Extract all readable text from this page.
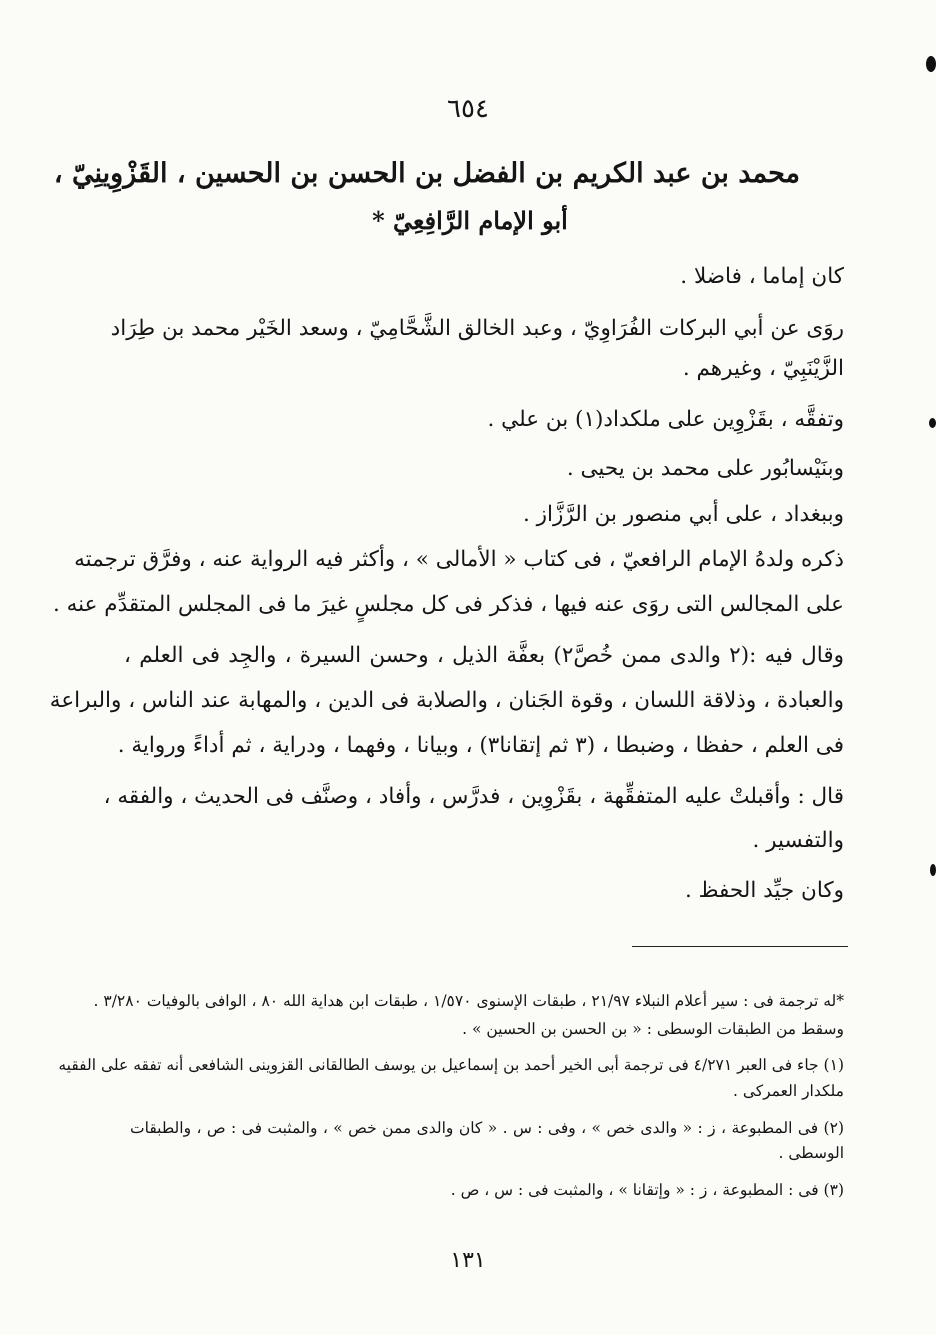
٦٥٤
محمد بن عبد الكريم بن الفضل بن الحسن بن الحسين ، القَزْوِينِيّ ،
أبو الإمام الرَّافِعِيّ *
كان إماما ، فاضلا .
روَى عن أبي البركات الفُرَاوِيّ ، وعبد الخالق الشَّحَّامِيّ ، وسعد الخَيْر محمد بن طِرَاد
الزَّيْنَبِيّ ، وغيرهم .
وتفقَّه ، بقَزْوِين على ملكداد(١) بن علي .
وبنَيْسابُور على محمد بن يحيى .
وببغداد ، على أبي منصور بن الرَّزَّاز .
ذكره ولدهُ الإمام الرافعيّ ، فى كتاب « الأمالى » ، وأكثر فيه الرواية عنه ، وفرَّق ترجمته
على المجالس التى روَى عنه فيها ، فذكر فى كل مجلسٍ غيرَ ما فى المجلس المتقدِّم عنه .
وقال فيه :(٢ والدى ممن خُصَّ٢) بعفَّة الذيل ، وحسن السيرة ، والجِد فى العلم ،
والعبادة ، وذلاقة اللسان ، وقوة الجَنان ، والصلابة فى الدين ، والمهابة عند الناس ، والبراعة
فى العلم ، حفظا ، وضبطا ، (٣ ثم إتقانا٣) ، وبيانا ، وفهما ، ودراية ، ثم أداءً ورواية .
قال : وأقبلتْ عليه المتفقِّهة ، بقَزْوِين ، فدرَّس ، وأفاد ، وصنَّف فى الحديث ، والفقه ،
والتفسير .
وكان جيِّد الحفظ .
*له ترجمة فى : سير أعلام النبلاء ٢١/٩٧ ، طبقات الإسنوى ١/٥٧٠ ، طبقات ابن هداية الله ٨٠ ، الوافى بالوفيات ٣/٢٨٠ .
وسقط من الطبقات الوسطى : « بن الحسن بن الحسين » .
(١) جاء فى العبر ٤/٢٧١ فى ترجمة أبى الخير أحمد بن إسماعيل بن يوسف الطالقانى القزوينى الشافعى أنه تفقه على الفقيه
ملكدار العمركى .
(٢) فى المطبوعة ، ز : « والدى خص » ، وفى : س . « كان والدى ممن خص » ، والمثبت فى : ص ، والطبقات
الوسطى .
(٣) فى : المطبوعة ، ز : « وإتقانا » ، والمثبت فى : س ، ص .
١٣١
